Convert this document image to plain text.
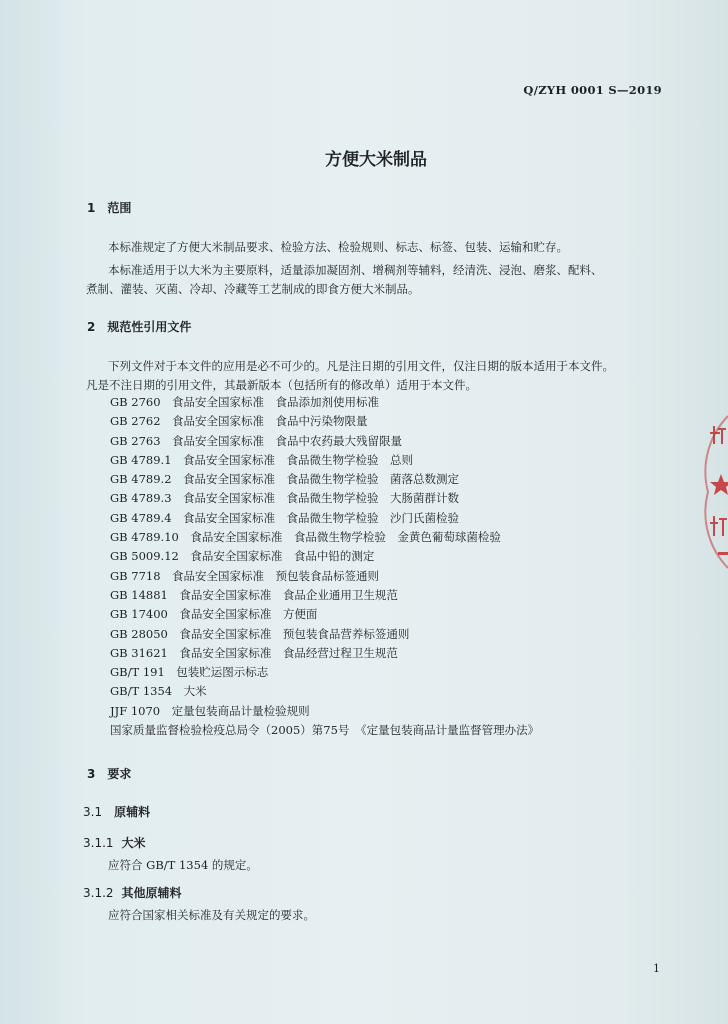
Q/ZYH 0001 S—2019
方便大米制品
1 范围
本标准规定了方便大米制品要求、检验方法、检验规则、标志、标签、包装、运输和贮存。
本标准适用于以大米为主要原料，适量添加凝固剂、增稠剂等辅料，经清洗、浸泡、磨浆、配料、
煮制、灌装、灭菌、冷却、冷藏等工艺制成的即食方便大米制品。
2 规范性引用文件
下列文件对于本文件的应用是必不可少的。凡是注日期的引用文件，仅注日期的版本适用于本文件。
凡是不注日期的引用文件，其最新版本（包括所有的修改单）适用于本文件。
GB 2760　食品安全国家标准　食品添加剂使用标准
GB 2762　食品安全国家标准　食品中污染物限量
GB 2763　食品安全国家标准　食品中农药最大残留限量
GB 4789.1　食品安全国家标准　食品微生物学检验　总则
GB 4789.2　食品安全国家标准　食品微生物学检验　菌落总数测定
GB 4789.3　食品安全国家标准　食品微生物学检验　大肠菌群计数
GB 4789.4　食品安全国家标准　食品微生物学检验　沙门氏菌检验
GB 4789.10　食品安全国家标准　食品微生物学检验　金黄色葡萄球菌检验
GB 5009.12　食品安全国家标准　食品中铅的测定
GB 7718　食品安全国家标准　预包装食品标签通则
GB 14881　食品安全国家标准　食品企业通用卫生规范
GB 17400　食品安全国家标准　方便面
GB 28050　食品安全国家标准　预包装食品营养标签通则
GB 31621　食品安全国家标准　食品经营过程卫生规范
GB/T 191　包装贮运图示标志
GB/T 1354　大米
JJF 1070　定量包装商品计量检验规则
国家质量监督检验检疫总局令（2005）第75号　《定量包装商品计量监督管理办法》
3 要求
3.1 原辅料
3.1.1 大米
应符合 GB/T 1354 的规定。
3.1.2 其他原辅料
应符合国家相关标准及有关规定的要求。
1
